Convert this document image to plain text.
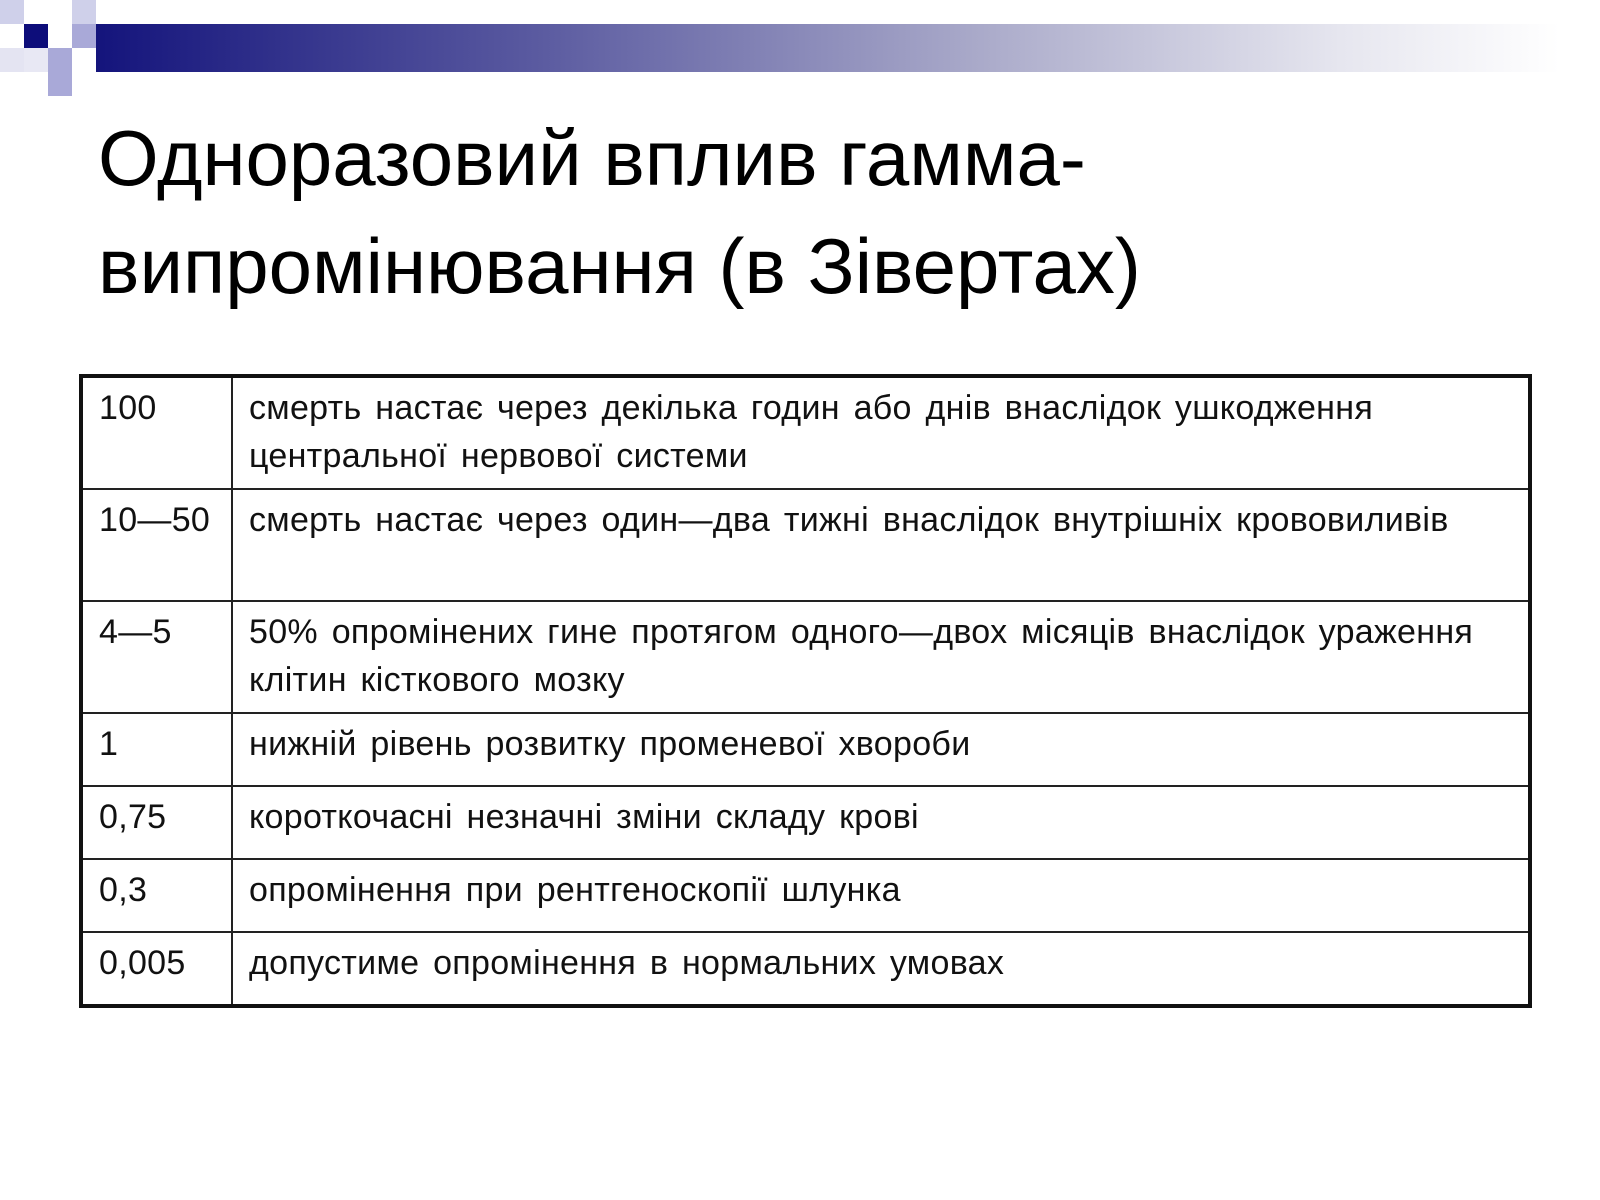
Одноразовий вплив гамма-випромінювання (в Зівертах)
100	смерть настає через декілька годин або днів внаслідок ушкодження центральної нервової системи
10—50	смерть настає через один—два тижні внаслідок внутрішніх крововиливів
4—5	50% опромінених гине протягом одного—двох місяців внаслідок ураження клітин кісткового мозку
1	нижній рівень розвитку променевої хвороби
0,75	короткочасні незначні зміни складу крові
0,3	опромінення при рентгеноскопії шлунка
0,005	допустиме опромінення в нормальних умовах
